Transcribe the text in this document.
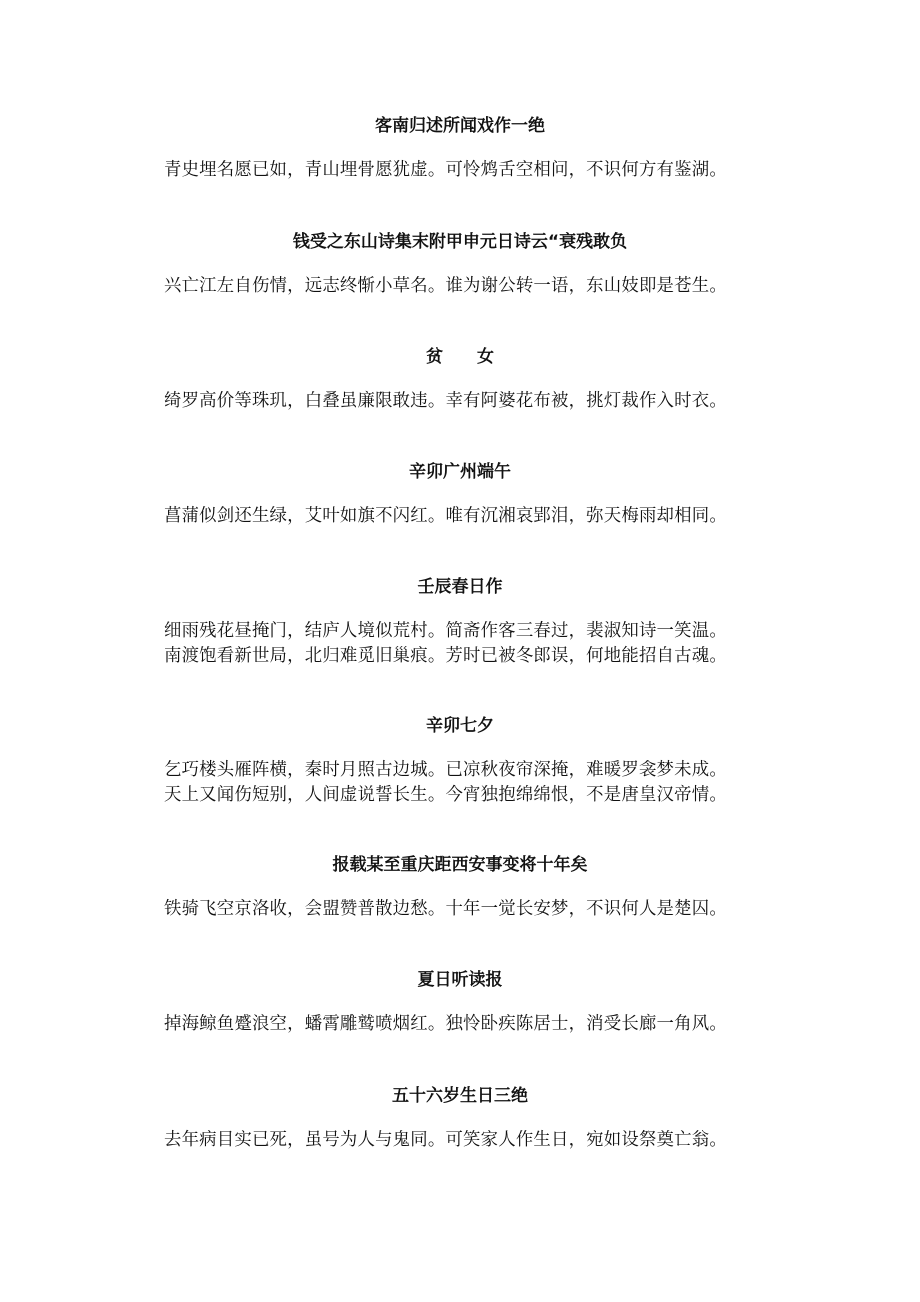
客南归述所闻戏作一绝
青史埋名愿已如，青山埋骨愿犹虚。可怜鸩舌空相问，不识何方有鉴湖。
钱受之东山诗集末附甲申元日诗云“衰残敢负
兴亡江左自伤情，远志终惭小草名。谁为谢公转一语，东山妓即是苍生。
贫　　女
绮罗高价等珠玑，白叠虽廉限敢违。幸有阿婆花布被，挑灯裁作入时衣。
辛卯广州端午
菖蒲似剑还生绿，艾叶如旗不闪红。唯有沉湘哀郢泪，弥天梅雨却相同。
壬辰春日作
细雨残花昼掩门，结庐人境似荒村。简斋作客三春过，裴淑知诗一笑温。
南渡饱看新世局，北归难觅旧巢痕。芳时已被冬郎误，何地能招自古魂。
辛卯七夕
乞巧楼头雁阵横，秦时月照古边城。已凉秋夜帘深掩，难暖罗衾梦未成。
天上又闻伤短别，人间虚说誓长生。今宵独抱绵绵恨，不是唐皇汉帝情。
报载某至重庆距西安事变将十年矣
铁骑飞空京洛收，会盟赞普散边愁。十年一觉长安梦，不识何人是楚囚。
夏日听读报
掉海鲸鱼蹙浪空，蟠霄雕鹫喷烟红。独怜卧疾陈居士，消受长廊一角风。
五十六岁生日三绝
去年病目实已死，虽号为人与鬼同。可笑家人作生日，宛如设祭奠亡翁。
